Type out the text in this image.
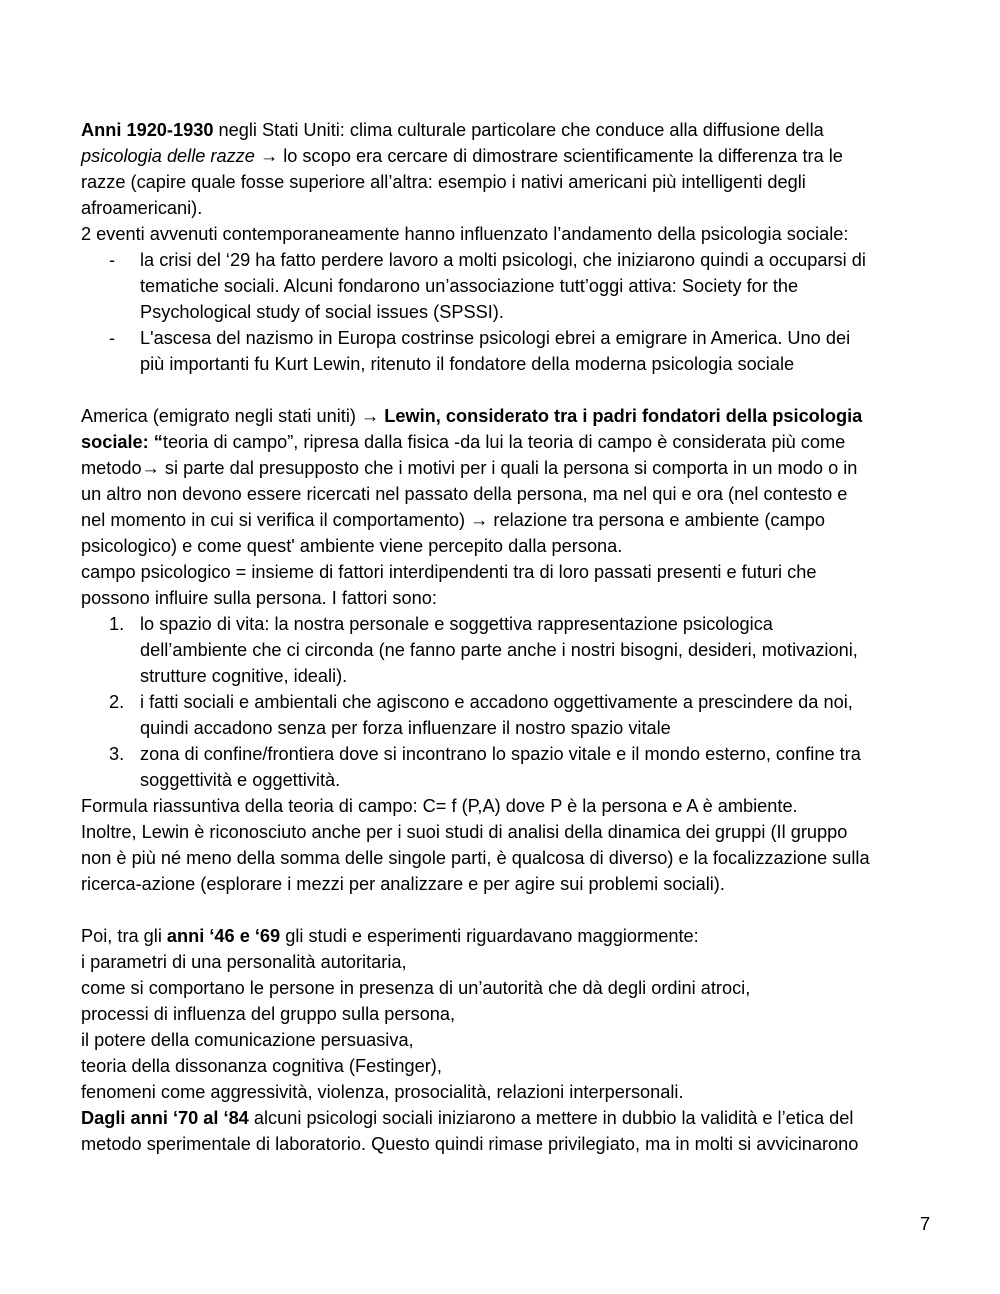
Anni 1920-1930 negli Stati Uniti: clima culturale particolare che conduce alla diffusione della
psicologia delle razze → lo scopo era cercare di dimostrare scientificamente la differenza tra le
razze (capire quale fosse superiore all’altra: esempio i nativi americani più intelligenti degli
afroamericani).
2 eventi avvenuti contemporaneamente hanno influenzato l’andamento della psicologia sociale:
- la crisi del ‘29 ha fatto perdere lavoro a molti psicologi, che iniziarono quindi a occuparsi di
tematiche sociali. Alcuni fondarono un’associazione tutt’oggi attiva: Society for the
Psychological study of social issues (SPSSI).
- L'ascesa del nazismo in Europa costrinse psicologi ebrei a emigrare in America. Uno dei
più importanti fu Kurt Lewin, ritenuto il fondatore della moderna psicologia sociale
America (emigrato negli stati uniti) → Lewin, considerato tra i padri fondatori della psicologia
sociale: “teoria di campo”, ripresa dalla fisica -da lui la teoria di campo è considerata più come
metodo→ si parte dal presupposto che i motivi per i quali la persona si comporta in un modo o in
un altro non devono essere ricercati nel passato della persona, ma nel qui e ora (nel contesto e
nel momento in cui si verifica il comportamento) → relazione tra persona e ambiente (campo
psicologico) e come quest' ambiente viene percepito dalla persona.
campo psicologico = insieme di fattori interdipendenti tra di loro passati presenti e futuri che
possono influire sulla persona. I fattori sono:
1. lo spazio di vita: la nostra personale e soggettiva rappresentazione psicologica
dell’ambiente che ci circonda (ne fanno parte anche i nostri bisogni, desideri, motivazioni,
strutture cognitive, ideali).
2. i fatti sociali e ambientali che agiscono e accadono oggettivamente a prescindere da noi,
quindi accadono senza per forza influenzare il nostro spazio vitale
3. zona di confine/frontiera dove si incontrano lo spazio vitale e il mondo esterno, confine tra
soggettività e oggettività.
Formula riassuntiva della teoria di campo: C= f (P,A) dove P è la persona e A è ambiente.
Inoltre, Lewin è riconosciuto anche per i suoi studi di analisi della dinamica dei gruppi (Il gruppo
non è più né meno della somma delle singole parti, è qualcosa di diverso) e la focalizzazione sulla
ricerca-azione (esplorare i mezzi per analizzare e per agire sui problemi sociali).
Poi, tra gli anni ‘46 e ‘69 gli studi e esperimenti riguardavano maggiormente:
i parametri di una personalità autoritaria,
come si comportano le persone in presenza di un’autorità che dà degli ordini atroci,
processi di influenza del gruppo sulla persona,
il potere della comunicazione persuasiva,
teoria della dissonanza cognitiva (Festinger),
fenomeni come aggressività, violenza, prosocialità, relazioni interpersonali.
Dagli anni ‘70 al ‘84 alcuni psicologi sociali iniziarono a mettere in dubbio la validità e l’etica del
metodo sperimentale di laboratorio. Questo quindi rimase privilegiato, ma in molti si avvicinarono
7
